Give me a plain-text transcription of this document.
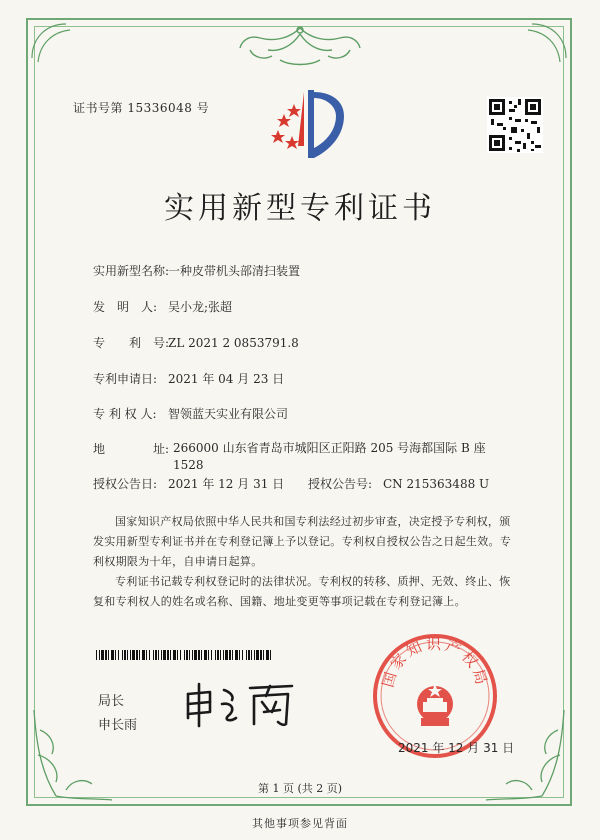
证书号第 15336048 号
实用新型专利证书
实用新型名称:一种皮带机头部清扫装置
发　明　人: 吴小龙;张超
专　　利　号:ZL 2021 2 0853791.8
专利申请日: 2021 年 04 月 23 日
专 利 权 人: 智领蓝天实业有限公司
地　　　　址: 266000 山东省青岛市城阳区正阳路 205 号海都国际 B 座 1528
授权公告日: 2021 年 12 月 31 日 授权公告号: CN 215363488 U
国家知识产权局依照中华人民共和国专利法经过初步审查，决定授予专利权，颁发实用新型专利证书并在专利登记簿上予以登记。专利权自授权公告之日起生效。专利权期限为十年，自申请日起算。
专利证书记载专利权登记时的法律状况。专利权的转移、质押、无效、终止、恢复和专利权人的姓名或名称、国籍、地址变更等事项记载在专利登记簿上。
局长
申长雨
国家知识产权局
2021 年 12 月 31 日
第 1 页 (共 2 页)
其他事项参见背面
